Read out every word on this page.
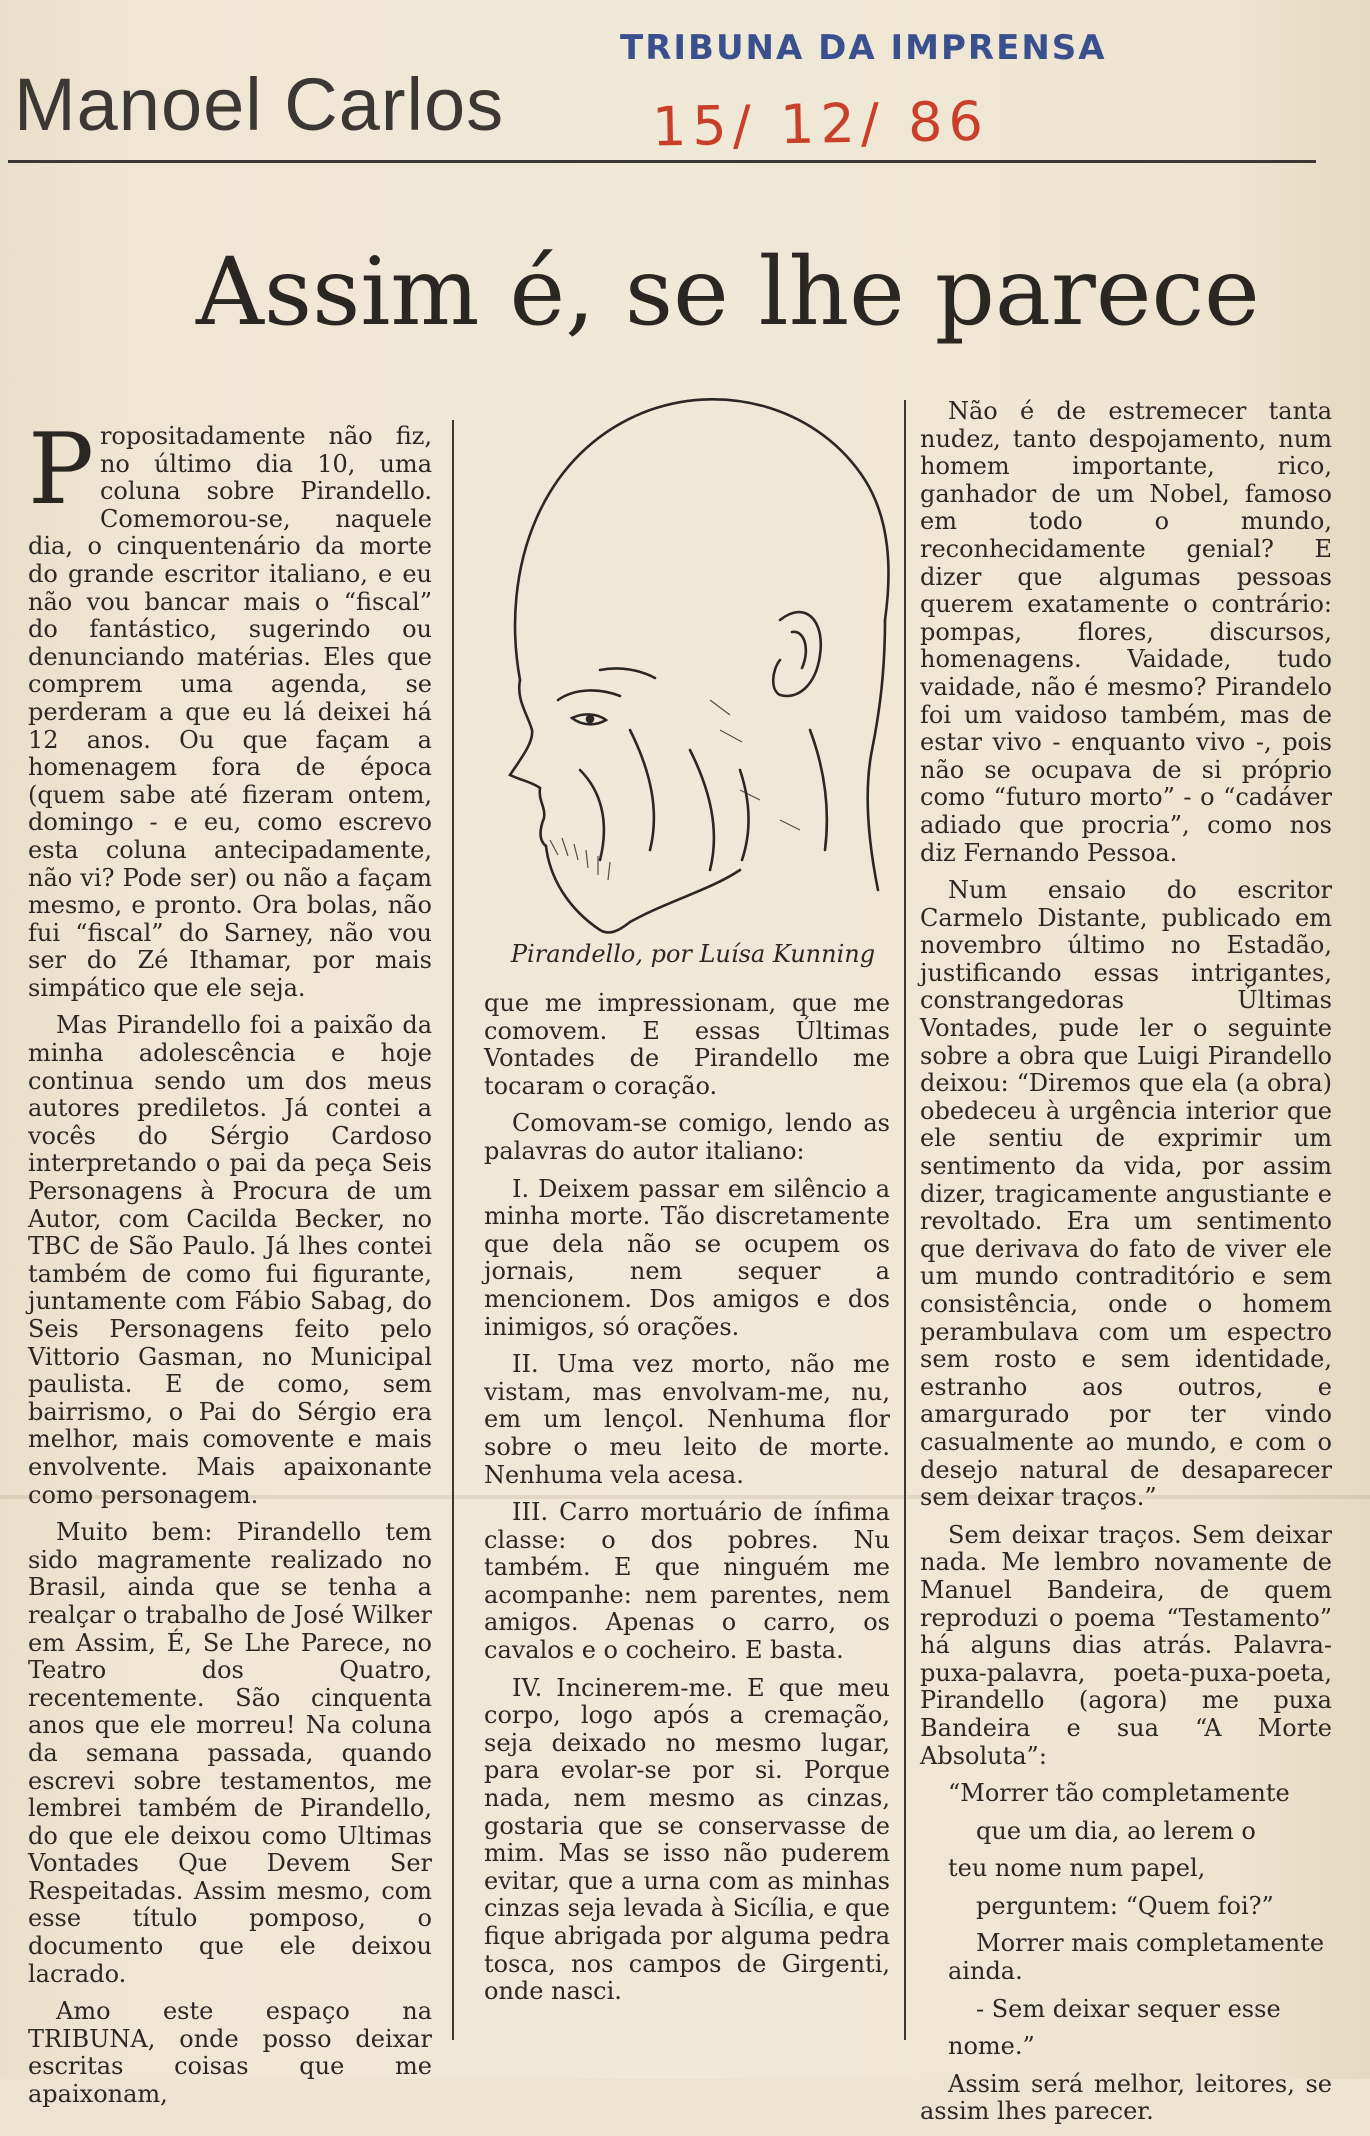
TRIBUNA DA IMPRENSA
15/ 12/ 86
Manoel Carlos
Assim é, se lhe parece

Propositadamente não fiz, no último dia 10, uma coluna sobre Pirandello. Comemorou-se, naquele dia, o cinquentenário da morte do grande escritor italiano, e eu não vou bancar mais o “fiscal” do fantástico, sugerindo ou denunciando matérias. Eles que comprem uma agenda, se perderam a que eu lá deixei há 12 anos. Ou que façam a homenagem fora de época (quem sabe até fizeram ontem, domingo - e eu, como escrevo esta coluna antecipadamente, não vi? Pode ser) ou não a façam mesmo, e pronto. Ora bolas, não fui “fiscal” do Sarney, não vou ser do Zé Ithamar, por mais simpático que ele seja.

Mas Pirandello foi a paixão da minha adolescência e hoje continua sendo um dos meus autores prediletos. Já contei a vocês do Sérgio Cardoso interpretando o pai da peça Seis Personagens à Procura de um Autor, com Cacilda Becker, no TBC de São Paulo. Já lhes contei também de como fui figurante, juntamente com Fábio Sabag, do Seis Personagens feito pelo Vittorio Gasman, no Municipal paulista. E de como, sem bairrismo, o Pai do Sérgio era melhor, mais comovente e mais envolvente. Mais apaixonante como personagem.

Muito bem: Pirandello tem sido magramente realizado no Brasil, ainda que se tenha a realçar o trabalho de José Wilker em Assim, É, Se Lhe Parece, no Teatro dos Quatro, recentemente. São cinquenta anos que ele morreu! Na coluna da semana passada, quando escrevi sobre testamentos, me lembrei também de Pirandello, do que ele deixou como Ultimas Vontades Que Devem Ser Respeitadas. Assim mesmo, com esse título pomposo, o documento que ele deixou lacrado.

Amo este espaço na TRIBUNA, onde posso deixar escritas coisas que me apaixonam,

Pirandello, por Luísa Kunning

que me impressionam, que me comovem. E essas Últimas Vontades de Pirandello me tocaram o coração.

Comovam-se comigo, lendo as palavras do autor italiano:

I. Deixem passar em silêncio a minha morte. Tão discretamente que dela não se ocupem os jornais, nem sequer a mencionem. Dos amigos e dos inimigos, só orações.

II. Uma vez morto, não me vistam, mas envolvam-me, nu, em um lençol. Nenhuma flor sobre o meu leito de morte. Nenhuma vela acesa.

III. Carro mortuário de ínfima classe: o dos pobres. Nu também. E que ninguém me acompanhe: nem parentes, nem amigos. Apenas o carro, os cavalos e o cocheiro. E basta.

IV. Incinerem-me. E que meu corpo, logo após a cremação, seja deixado no mesmo lugar, para evolar-se por si. Porque nada, nem mesmo as cinzas, gostaria que se conservasse de mim. Mas se isso não puderem evitar, que a urna com as minhas cinzas seja levada à Sicília, e que fique abrigada por alguma pedra tosca, nos campos de Girgenti, onde nasci.

Não é de estremecer tanta nudez, tanto despojamento, num homem importante, rico, ganhador de um Nobel, famoso em todo o mundo, reconhecidamente genial? E dizer que algumas pessoas querem exatamente o contrário: pompas, flores, discursos, homenagens. Vaidade, tudo vaidade, não é mesmo? Pirandelo foi um vaidoso também, mas de estar vivo - enquanto vivo -, pois não se ocupava de si próprio como “futuro morto” - o “cadáver adiado que procria”, como nos diz Fernando Pessoa.

Num ensaio do escritor Carmelo Distante, publicado em novembro último no Estadão, justificando essas intrigantes, constrangedoras Últimas Vontades, pude ler o seguinte sobre a obra que Luigi Pirandello deixou: “Diremos que ela (a obra) obedeceu à urgência interior que ele sentiu de exprimir um sentimento da vida, por assim dizer, tragicamente angustiante e revoltado. Era um sentimento que derivava do fato de viver ele um mundo contraditório e sem consistência, onde o homem perambulava com um espectro sem rosto e sem identidade, estranho aos outros, e amargurado por ter vindo casualmente ao mundo, e com o desejo natural de desaparecer sem deixar traços.”

Sem deixar traços. Sem deixar nada. Me lembro novamente de Manuel Bandeira, de quem reproduzi o poema “Testamento” há alguns dias atrás. Palavra-puxa-palavra, poeta-puxa-poeta, Pirandello (agora) me puxa Bandeira e sua “A Morte Absoluta”:

“Morrer tão completamente

que um dia, ao lerem o

teu nome num papel,

perguntem: “Quem foi?”

Morrer mais completamente ainda.

- Sem deixar sequer esse

nome.”

Assim será melhor, leitores, se assim lhes parecer.
